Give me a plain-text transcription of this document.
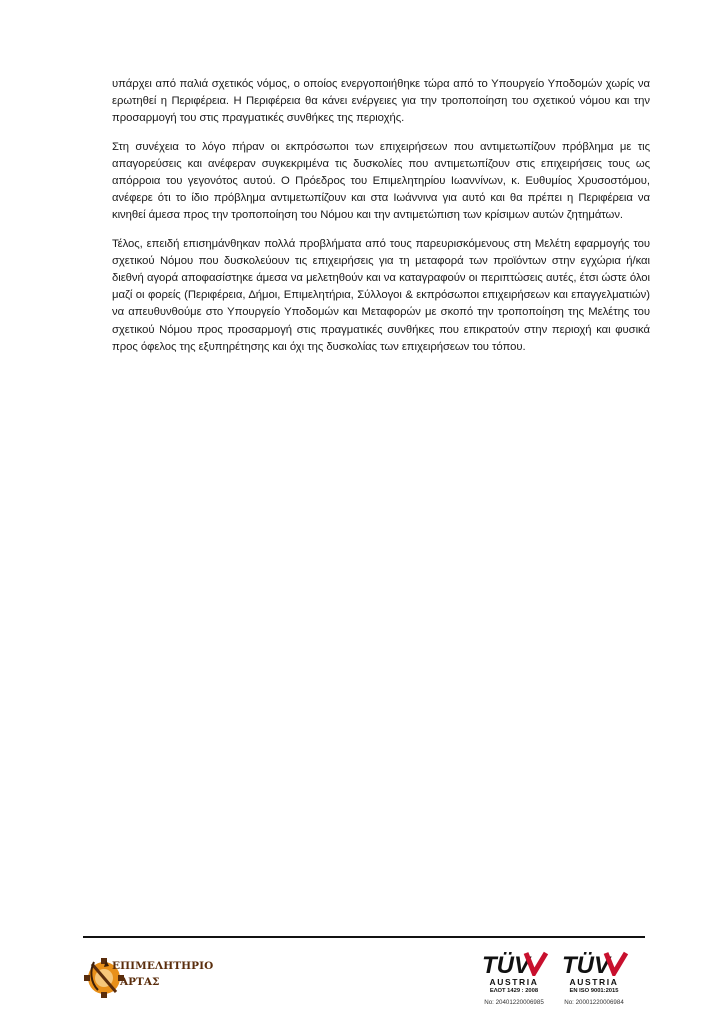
υπάρχει από παλιά σχετικός νόμος, ο οποίος ενεργοποιήθηκε τώρα από το Υπουργείο Υποδομών χωρίς να ερωτηθεί η Περιφέρεια. Η Περιφέρεια θα κάνει ενέργειες για την τροποποίηση του σχετικού νόμου και την προσαρμογή του στις πραγματικές συνθήκες της περιοχής.

Στη συνέχεια το λόγο πήραν οι εκπρόσωποι των επιχειρήσεων που αντιμετωπίζουν πρόβλημα με τις απαγορεύσεις και ανέφεραν συγκεκριμένα τις δυσκολίες που αντιμετωπίζουν στις επιχειρήσεις τους ως απόρροια του γεγονότος αυτού. Ο Πρόεδρος του Επιμελητηρίου Ιωαννίνων, κ. Ευθυμίος Χρυσοστόμου, ανέφερε ότι το ίδιο πρόβλημα αντιμετωπίζουν και στα Ιωάννινα για αυτό και θα πρέπει η Περιφέρεια να κινηθεί άμεσα προς την τροποποίηση του Νόμου και την αντιμετώπιση των κρίσιμων αυτών ζητημάτων.

Τέλος, επειδή επισημάνθηκαν πολλά προβλήματα από τους παρευρισκόμενους στη Μελέτη εφαρμογής του σχετικού Νόμου που δυσκολεύουν τις επιχειρήσεις για τη μεταφορά των προϊόντων στην εγχώρια ή/και διεθνή αγορά αποφασίστηκε άμεσα να μελετηθούν και να καταγραφούν οι περιπτώσεις αυτές, έτσι ώστε όλοι μαζί οι φορείς (Περιφέρεια, Δήμοι, Επιμελητήρια, Σύλλογοι & εκπρόσωποι επιχειρήσεων και επαγγελματιών) να απευθυνθούμε στο Υπουργείο Υποδομών και Μεταφορών με σκοπό την τροποποίηση της Μελέτης του σχετικού Νόμου προς προσαρμογή στις πραγματικές συνθήκες που επικρατούν στην περιοχή και φυσικά προς όφελος της εξυπηρέτησης και όχι της δυσκολίας των επιχειρήσεων του τόπου.

ΕΠΙΜΕΛΗΤΗΡΙΟ
ΑΡΤΑΣ
TÜV
AUSTRIA
ΕΛΟΤ 1429 : 2008
No: 20401220006985
TÜV
AUSTRIA
EN ISO 9001:2015
No: 20001220006984
